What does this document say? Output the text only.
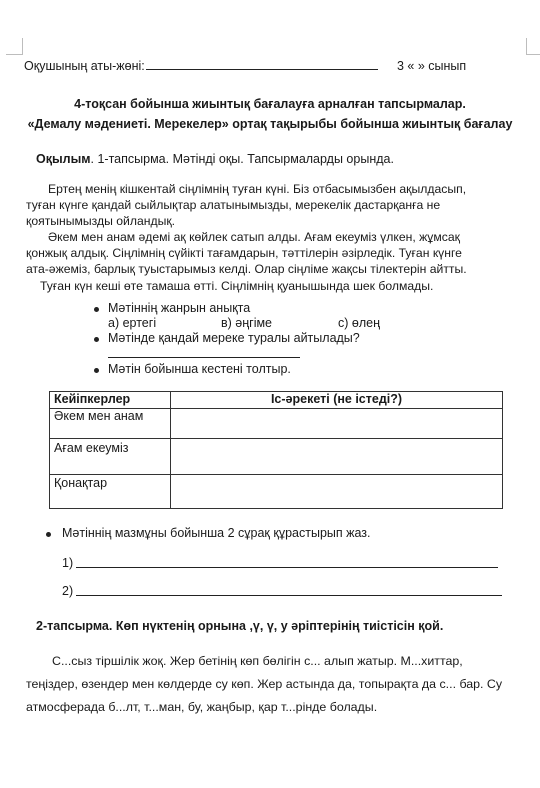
Оқушының аты-жөні:	3 « » сынып
4-тоқсан бойынша жиынтық бағалауға арналған тапсырмалар.
«Демалу мәдениеті. Мерекелер» ортақ тақырыбы бойынша жиынтық бағалау
Оқылым. 1-тапсырма. Мәтінді оқы. Тапсырмаларды орында.
Ертең менің кішкентай сіңлімнің туған күні. Біз отбасымызбен ақылдасып,
туған күнге қандай сыйлықтар алатынымызды, мерекелік дастарқанға не
қоятынымызды ойландық.
Әкем мен анам әдемі ақ көйлек сатып алды. Ағам екеуміз үлкен, жұмсақ
қонжық алдық. Сіңлімнің сүйікті тағамдарын, тәттілерін әзірледік. Туған күнге
ата-әжеміз, барлық туыстарымыз келді. Олар сіңліме жақсы тілектерін айтты.
Туған күн кеші өте тамаша өтті. Сіңлімнің қуанышында шек болмады.
Мәтіннің жанрын анықта
а) ертегі	в) әңгіме	с) өлең
Мәтінде қандай мереке туралы айтылады?
Мәтін бойынша кестені толтыр.
Кейіпкерлер	Іс-әрекеті (не істеді?)
Әкем мен анам	
Ағам екеуміз	
Қонақтар	
Мәтіннің мазмұны бойынша 2 сұрақ құрастырып жаз.
1)
2)
2-тапсырма. Көп нүктенің орнына ,ү, ү, у әріптерінің тиістісін қой.
С...сыз тіршілік жоқ. Жер бетінің көп бөлігін с... алып жатыр. М...хиттар,
теңіздер, өзендер мен көлдерде су көп. Жер астында да, топырақта да с... бар. Су
атмосферада б...лт, т...ман, бу, жаңбыр, қар т...рінде болады.
